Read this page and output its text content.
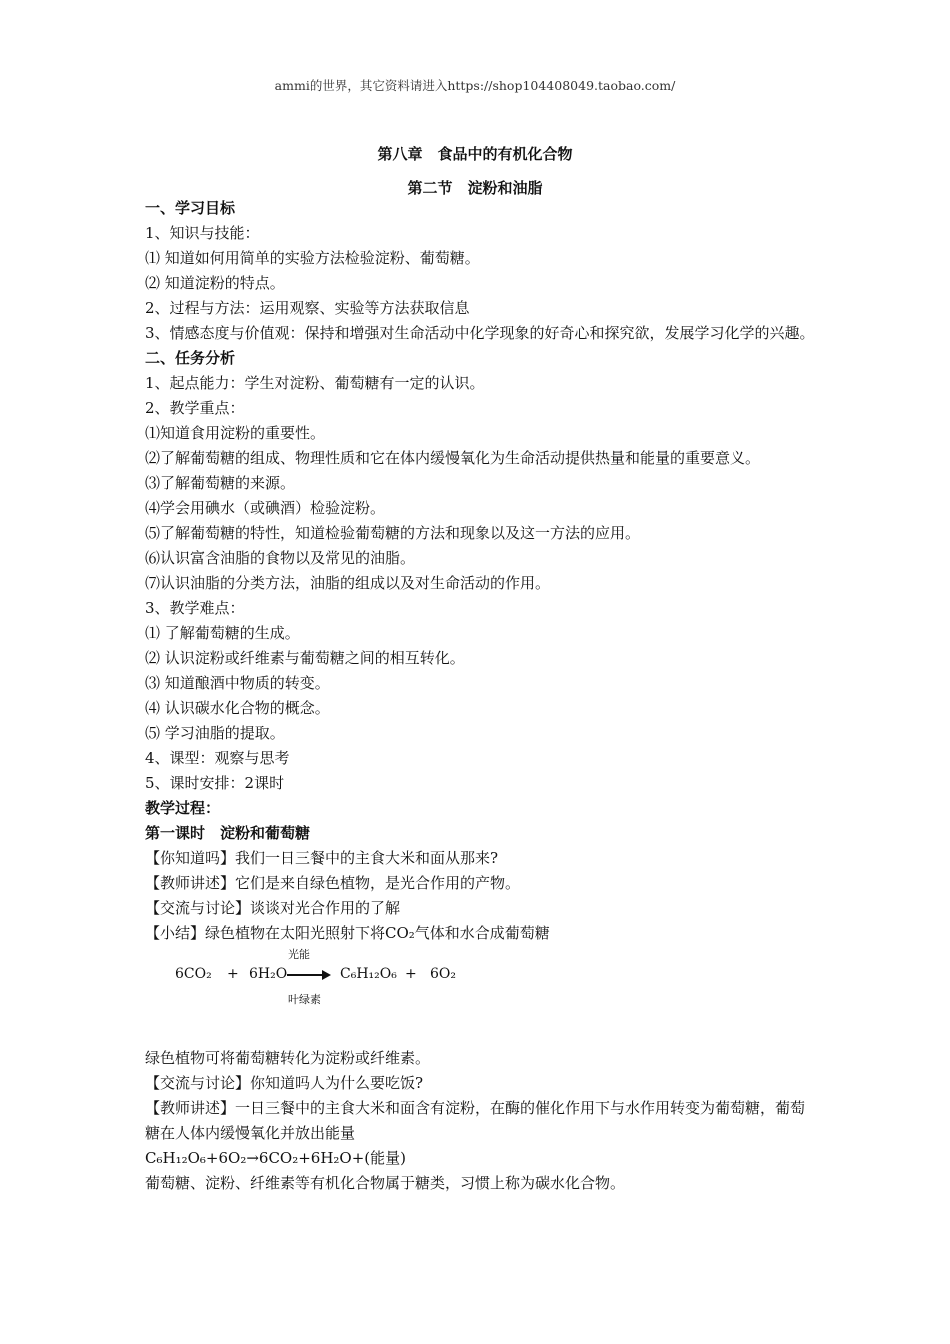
ammi的世界，其它资料请进入https://shop104408049.taobao.com/
第八章　食品中的有机化合物
第二节　淀粉和油脂
一、学习目标
1、知识与技能：
⑴ 知道如何用简单的实验方法检验淀粉、葡萄糖。
⑵ 知道淀粉的特点。
2、过程与方法：运用观察、实验等方法获取信息
3、情感态度与价值观：保持和增强对生命活动中化学现象的好奇心和探究欲，发展学习化学的兴趣。
二、任务分析
1、起点能力：学生对淀粉、葡萄糖有一定的认识。
2、教学重点：
⑴知道食用淀粉的重要性。
⑵了解葡萄糖的组成、物理性质和它在体内缓慢氧化为生命活动提供热量和能量的重要意义。
⑶了解葡萄糖的来源。
⑷学会用碘水（或碘酒）检验淀粉。
⑸了解葡萄糖的特性，知道检验葡萄糖的方法和现象以及这一方法的应用。
⑹认识富含油脂的食物以及常见的油脂。
⑺认识油脂的分类方法，油脂的组成以及对生命活动的作用。
3、教学难点：
⑴ 了解葡萄糖的生成。
⑵ 认识淀粉或纤维素与葡萄糖之间的相互转化。
⑶ 知道酿酒中物质的转变。
⑷ 认识碳水化合物的概念。
⑸ 学习油脂的提取。
4、课型：观察与思考
5、课时安排：2课时
教学过程：
第一课时　淀粉和葡萄糖
【你知道吗】我们一日三餐中的主食大米和面从那来?
【教师讲述】它们是来自绿色植物，是光合作用的产物。
【交流与讨论】谈谈对光合作用的了解
【小结】绿色植物在太阳光照射下将CO₂气体和水合成葡萄糖
光能
6CO₂ + 6H₂O	C₆H₁₂O₆ + 6O₂
叶绿素
绿色植物可将葡萄糖转化为淀粉或纤维素。
【交流与讨论】你知道吗人为什么要吃饭?
【教师讲述】一日三餐中的主食大米和面含有淀粉，在酶的催化作用下与水作用转变为葡萄糖，葡萄糖在人体内缓慢氧化并放出能量
C₆H₁₂O₆+6O₂→6CO₂+6H₂O+(能量)
葡萄糖、淀粉、纤维素等有机化合物属于糖类，习惯上称为碳水化合物。
